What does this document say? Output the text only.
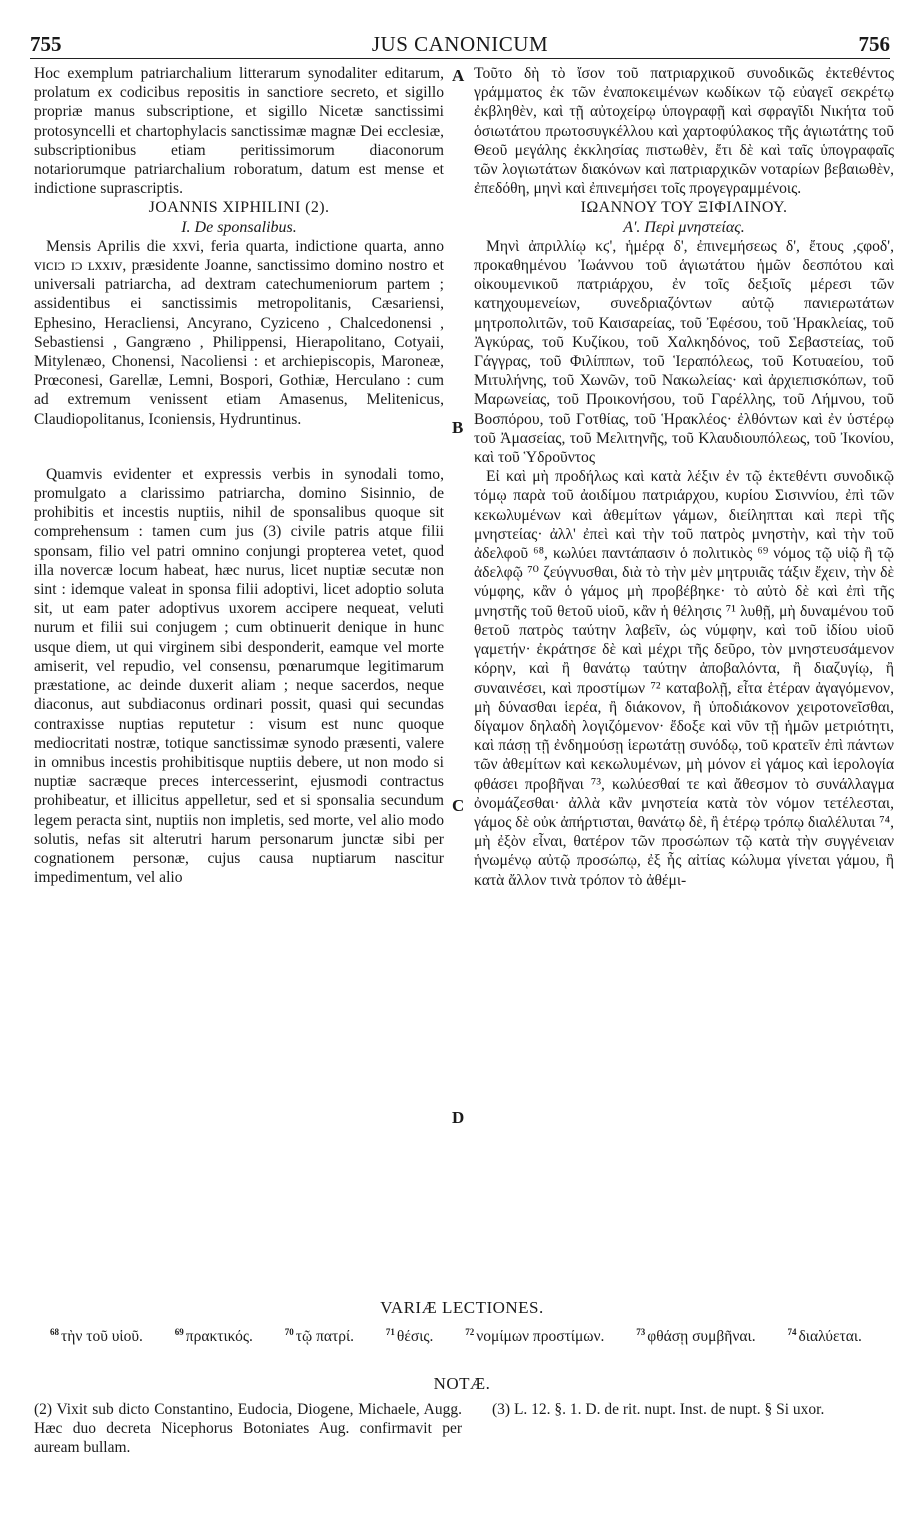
755	JUS CANONICUM	756
A
B
C
D

Hoc exemplum patriarchalium litterarum synodaliter editarum, prolatum ex codicibus repositis in sanctiore secreto, et sigillo propriæ manus subscriptione, et sigillo Nicetæ sanctissimi protosyncelli et chartophylacis sanctissimæ magnæ Dei ecclesiæ, subscriptionibus etiam peritissimorum diaconorum notariorumque patriarchalium roboratum, datum est mense et indictione suprascriptis.

JOANNIS XIPHILINI (2).

I. De sponsalibus.

Mensis Aprilis die xxvi, feria quarta, indictione quarta, anno ᴠɪᴄɪᴐ ɪᴐ ʟxxɪᴠ, præsidente Joanne, sanctissimo domino nostro et universali patriarcha, ad dextram catechumeniorum partem ; assidentibus ei sanctissimis metropolitanis, Cæsariensi, Ephesino, Heracliensi, Ancyrano, Cyziceno , Chalcedonensi , Sebastiensi , Gangræno , Philippensi, Hierapolitano, Cotyaii, Mitylenæo, Chonensi, Nacoliensi : et archiepiscopis, Maroneæ, Prœconesi, Garellæ, Lemni, Bospori, Gothiæ, Herculano : cum ad extremum venissent etiam Amasenus, Melitenicus, Claudiopolitanus, Iconiensis, Hydruntinus.

Quamvis evidenter et expressis verbis in synodali tomo, promulgato a clarissimo patriarcha, domino Sisinnio, de prohibitis et incestis nuptiis, nihil de sponsalibus quoque sit comprehensum : tamen cum jus (3) civile patris atque filii sponsam, filio vel patri omnino conjungi propterea vetet, quod illa novercæ locum habeat, hæc nurus, licet nuptiæ secutæ non sint : idemque valeat in sponsa filii adoptivi, licet adoptio soluta sit, ut eam pater adoptivus uxorem accipere nequeat, veluti nurum et filii sui conjugem ; cum obtinuerit denique in hunc usque diem, ut qui virginem sibi desponderit, eamque vel morte amiserit, vel repudio, vel consensu, pœnarumque legitimarum præstatione, ac deinde duxerit aliam ; neque sacerdos, neque diaconus, aut subdiaconus ordinari possit, quasi qui secundas contraxisse nuptias reputetur : visum est nunc quoque mediocritati nostræ, totique sanctissimæ synodo præsenti, valere in omnibus incestis prohibitisque nuptiis debere, ut non modo si nuptiæ sacræque preces intercesserint, ejusmodi contractus prohibeatur, et illicitus appelletur, sed et si sponsalia secundum legem peracta sint, nuptiis non impletis, sed morte, vel alio modo solutis, nefas sit alterutri harum personarum junctæ sibi per cognationem personæ, cujus causa nuptiarum nascitur impedimentum, vel alio

Τοῦτο δὴ τὸ ἴσον τοῦ πατριαρχικοῦ συνοδικῶς ἐκτεθέντος γράμματος ἐκ τῶν ἐναποκειμένων κωδίκων τῷ εὐαγεῖ σεκρέτῳ ἐκβληθὲν, καὶ τῇ αὐτοχείρῳ ὑπογραφῇ καὶ σφραγῖδι Νικήτα τοῦ ὁσιωτάτου πρωτοσυγκέλλου καὶ χαρτοφύλακος τῆς ἁγιωτάτης τοῦ Θεοῦ μεγάλης ἐκκλησίας πιστωθὲν, ἔτι δὲ καὶ ταῖς ὑπογραφαῖς τῶν λογιωτάτων διακόνων καὶ πατριαρχικῶν νοταρίων βεβαιωθὲν, ἐπεδόθη, μηνὶ καὶ ἐπινεμήσει τοῖς προγεγραμμένοις.

ΙΩΑΝΝΟΥ ΤΟΥ ΞΙΦΙΛΙΝΟΥ.

Α'. Περὶ μνηστείας.

Μηνὶ ἀπριλλίῳ κϛ', ἡμέρᾳ δ', ἐπινεμήσεως δ', ἔτους ,ϛφοδ', προκαθημένου Ἰωάννου τοῦ ἁγιωτάτου ἡμῶν δεσπότου καὶ οἰκουμενικοῦ πατριάρχου, ἐν τοῖς δεξιοῖς μέρεσι τῶν κατηχουμενείων, συνεδριαζόντων αὐτῷ πανιερωτάτων μητροπολιτῶν, τοῦ Καισαρείας, τοῦ Ἐφέσου, τοῦ Ἡρακλείας, τοῦ Ἀγκύρας, τοῦ Κυζίκου, τοῦ Χαλκηδόνος, τοῦ Σεβαστείας, τοῦ Γάγγρας, τοῦ Φιλίππων, τοῦ Ἱεραπόλεως, τοῦ Κοτυαείου, τοῦ Μιτυλήνης, τοῦ Χωνῶν, τοῦ Νακωλείας· καὶ ἀρχιεπισκόπων, τοῦ Μαρωνείας, τοῦ Προικονήσου, τοῦ Γαρέλλης, τοῦ Λήμνου, τοῦ Βοσπόρου, τοῦ Γοτθίας, τοῦ Ἡρακλέος· ἐλθόντων καὶ ἐν ὑστέρῳ τοῦ Ἀμασείας, τοῦ Μελιτηνῆς, τοῦ Κλαυδιουπόλεως, τοῦ Ἰκονίου, καὶ τοῦ Ὑδροῦντος

Εἰ καὶ μὴ προδήλως καὶ κατὰ λέξιν ἐν τῷ ἐκτεθέντι συνοδικῷ τόμῳ παρὰ τοῦ ἀοιδίμου πατριάρχου, κυρίου Σισιννίου, ἐπὶ τῶν κεκωλυμένων καὶ ἀθεμίτων γάμων, διείληπται καὶ περὶ τῆς μνηστείας· ἀλλ' ἐπεὶ καὶ τὴν τοῦ πατρὸς μνηστὴν, καὶ τὴν τοῦ ἀδελφοῦ ⁶⁸, κωλύει παντάπασιν ὁ πολιτικὸς ⁶⁹ νόμος τῷ υἱῷ ἢ τῷ ἀδελφῷ ⁷⁰ ζεύγνυσθαι, διὰ τὸ τὴν μὲν μητρυιᾶς τάξιν ἔχειν, τὴν δὲ νύμφης, κἂν ὁ γάμος μὴ προβέβηκε· τὸ αὐτὸ δὲ καὶ ἐπὶ τῆς μνηστῆς τοῦ θετοῦ υἱοῦ, κἂν ἡ θέλησις ⁷¹ λυθῇ, μὴ δυναμένου τοῦ θετοῦ πατρὸς ταύτην λαβεῖν, ὡς νύμφην, καὶ τοῦ ἰδίου υἱοῦ γαμετήν· ἐκράτησε δὲ καὶ μέχρι τῆς δεῦρο, τὸν μνηστευσάμενον κόρην, καὶ ἢ θανάτῳ ταύτην ἀποβαλόντα, ἢ διαζυγίῳ, ἢ συναινέσει, καὶ προστίμων ⁷² καταβολῇ, εἶτα ἑτέραν ἀγαγόμενον, μὴ δύνασθαι ἱερέα, ἢ διάκονον, ἢ ὑποδιάκονον χειροτονεῖσθαι, δίγαμον δηλαδὴ λογιζόμενον· ἔδοξε καὶ νῦν τῇ ἡμῶν μετριότητι, καὶ πάσῃ τῇ ἐνδημούσῃ ἱερωτάτῃ συνόδῳ, τοῦ κρατεῖν ἐπὶ πάντων τῶν ἀθεμίτων καὶ κεκωλυμένων, μὴ μόνον εἰ γάμος καὶ ἱερολογία φθάσει προβῆναι ⁷³, κωλύεσθαί τε καὶ ἄθεσμον τὸ συνάλλαγμα ὀνομάζεσθαι· ἀλλὰ κἂν μνηστεία κατὰ τὸν νόμον τετέλεσται, γάμος δὲ οὐκ ἀπήρτισται, θανάτῳ δὲ, ἢ ἑτέρῳ τρόπῳ διαλέλυται ⁷⁴, μὴ ἐξὸν εἶναι, θατέρον τῶν προσώπων τῷ κατὰ τὴν συγγένειαν ἡνωμένῳ αὐτῷ προσώπῳ, ἐξ ἧς αἰτίας κώλυμα γίνεται γάμου, ἢ κατὰ ἄλλον τινὰ τρόπον τὸ ἀθέμι-

VARIÆ LECTIONES.
$^{68}$ τὴν τοῦ υἱοῦ.	$^{69}$ πρακτικός.	$^{70}$ τῷ πατρί.	$^{71}$ θέσις.	$^{72}$ νομίμων προστίμων.	$^{73}$ φθάσῃ συμβῆναι.	$^{74}$ διαλύεται.
NOTÆ.

(2) Vixit sub dicto Constantino, Eudocia, Diogene, Michaele, Augg. Hæc duo decreta Nicephorus Botoniates Aug. confirmavit per auream bullam.

(3) L. 12. §. 1. D. de rit. nupt. Inst. de nupt. § Si uxor.
